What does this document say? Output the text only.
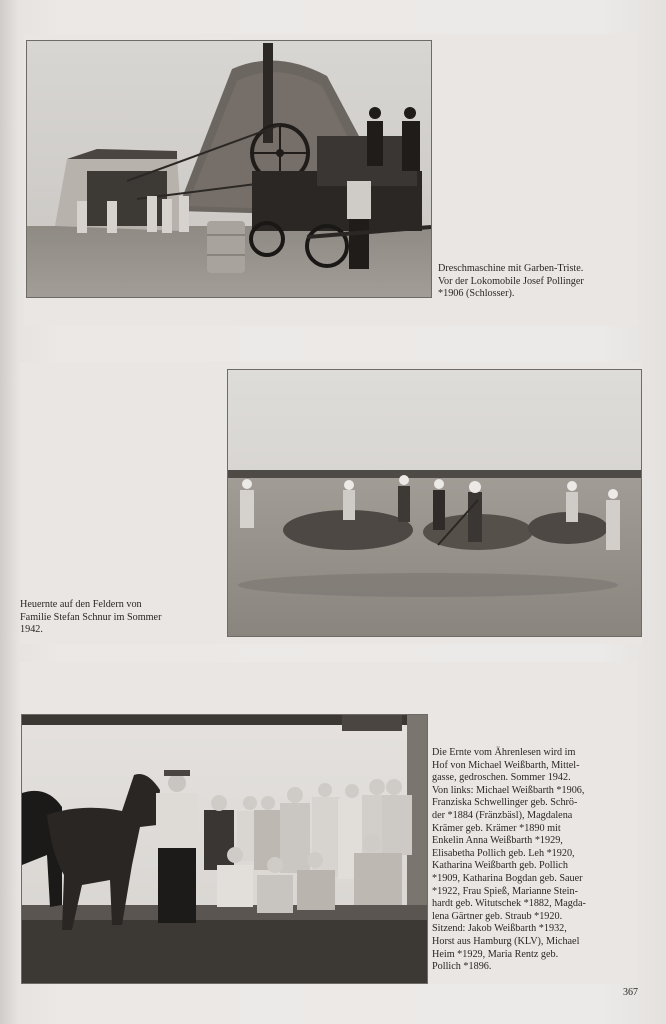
Dreschmaschine mit Garben-Triste.
Vor der Lokomobile Josef Pollinger
*1906 (Schlosser).
Heuernte auf den Feldern von
Familie Stefan Schnur im Sommer
1942.
Die Ernte vom Ährenlesen wird im
Hof von Michael Weißbarth, Mittel-
gasse, gedroschen. Sommer 1942.
Von links: Michael Weißbarth *1906,
Franziska Schwellinger geb. Schrö-
der *1884 (Fränzbäsl), Magdalena
Krämer geb. Krämer *1890 mit
Enkelin Anna Weißbarth *1929,
Elisabetha Pollich geb. Leh *1920,
Katharina Weißbarth geb. Pollich
*1909, Katharina Bogdan geb. Sauer
*1922, Frau Spieß, Marianne Stein-
hardt geb. Witutschek *1882, Magda-
lena Gärtner geb. Straub *1920.
Sitzend: Jakob Weißbarth *1932,
Horst aus Hamburg (KLV), Michael
Heim *1929, Maria Rentz geb.
Pollich *1896.
367
